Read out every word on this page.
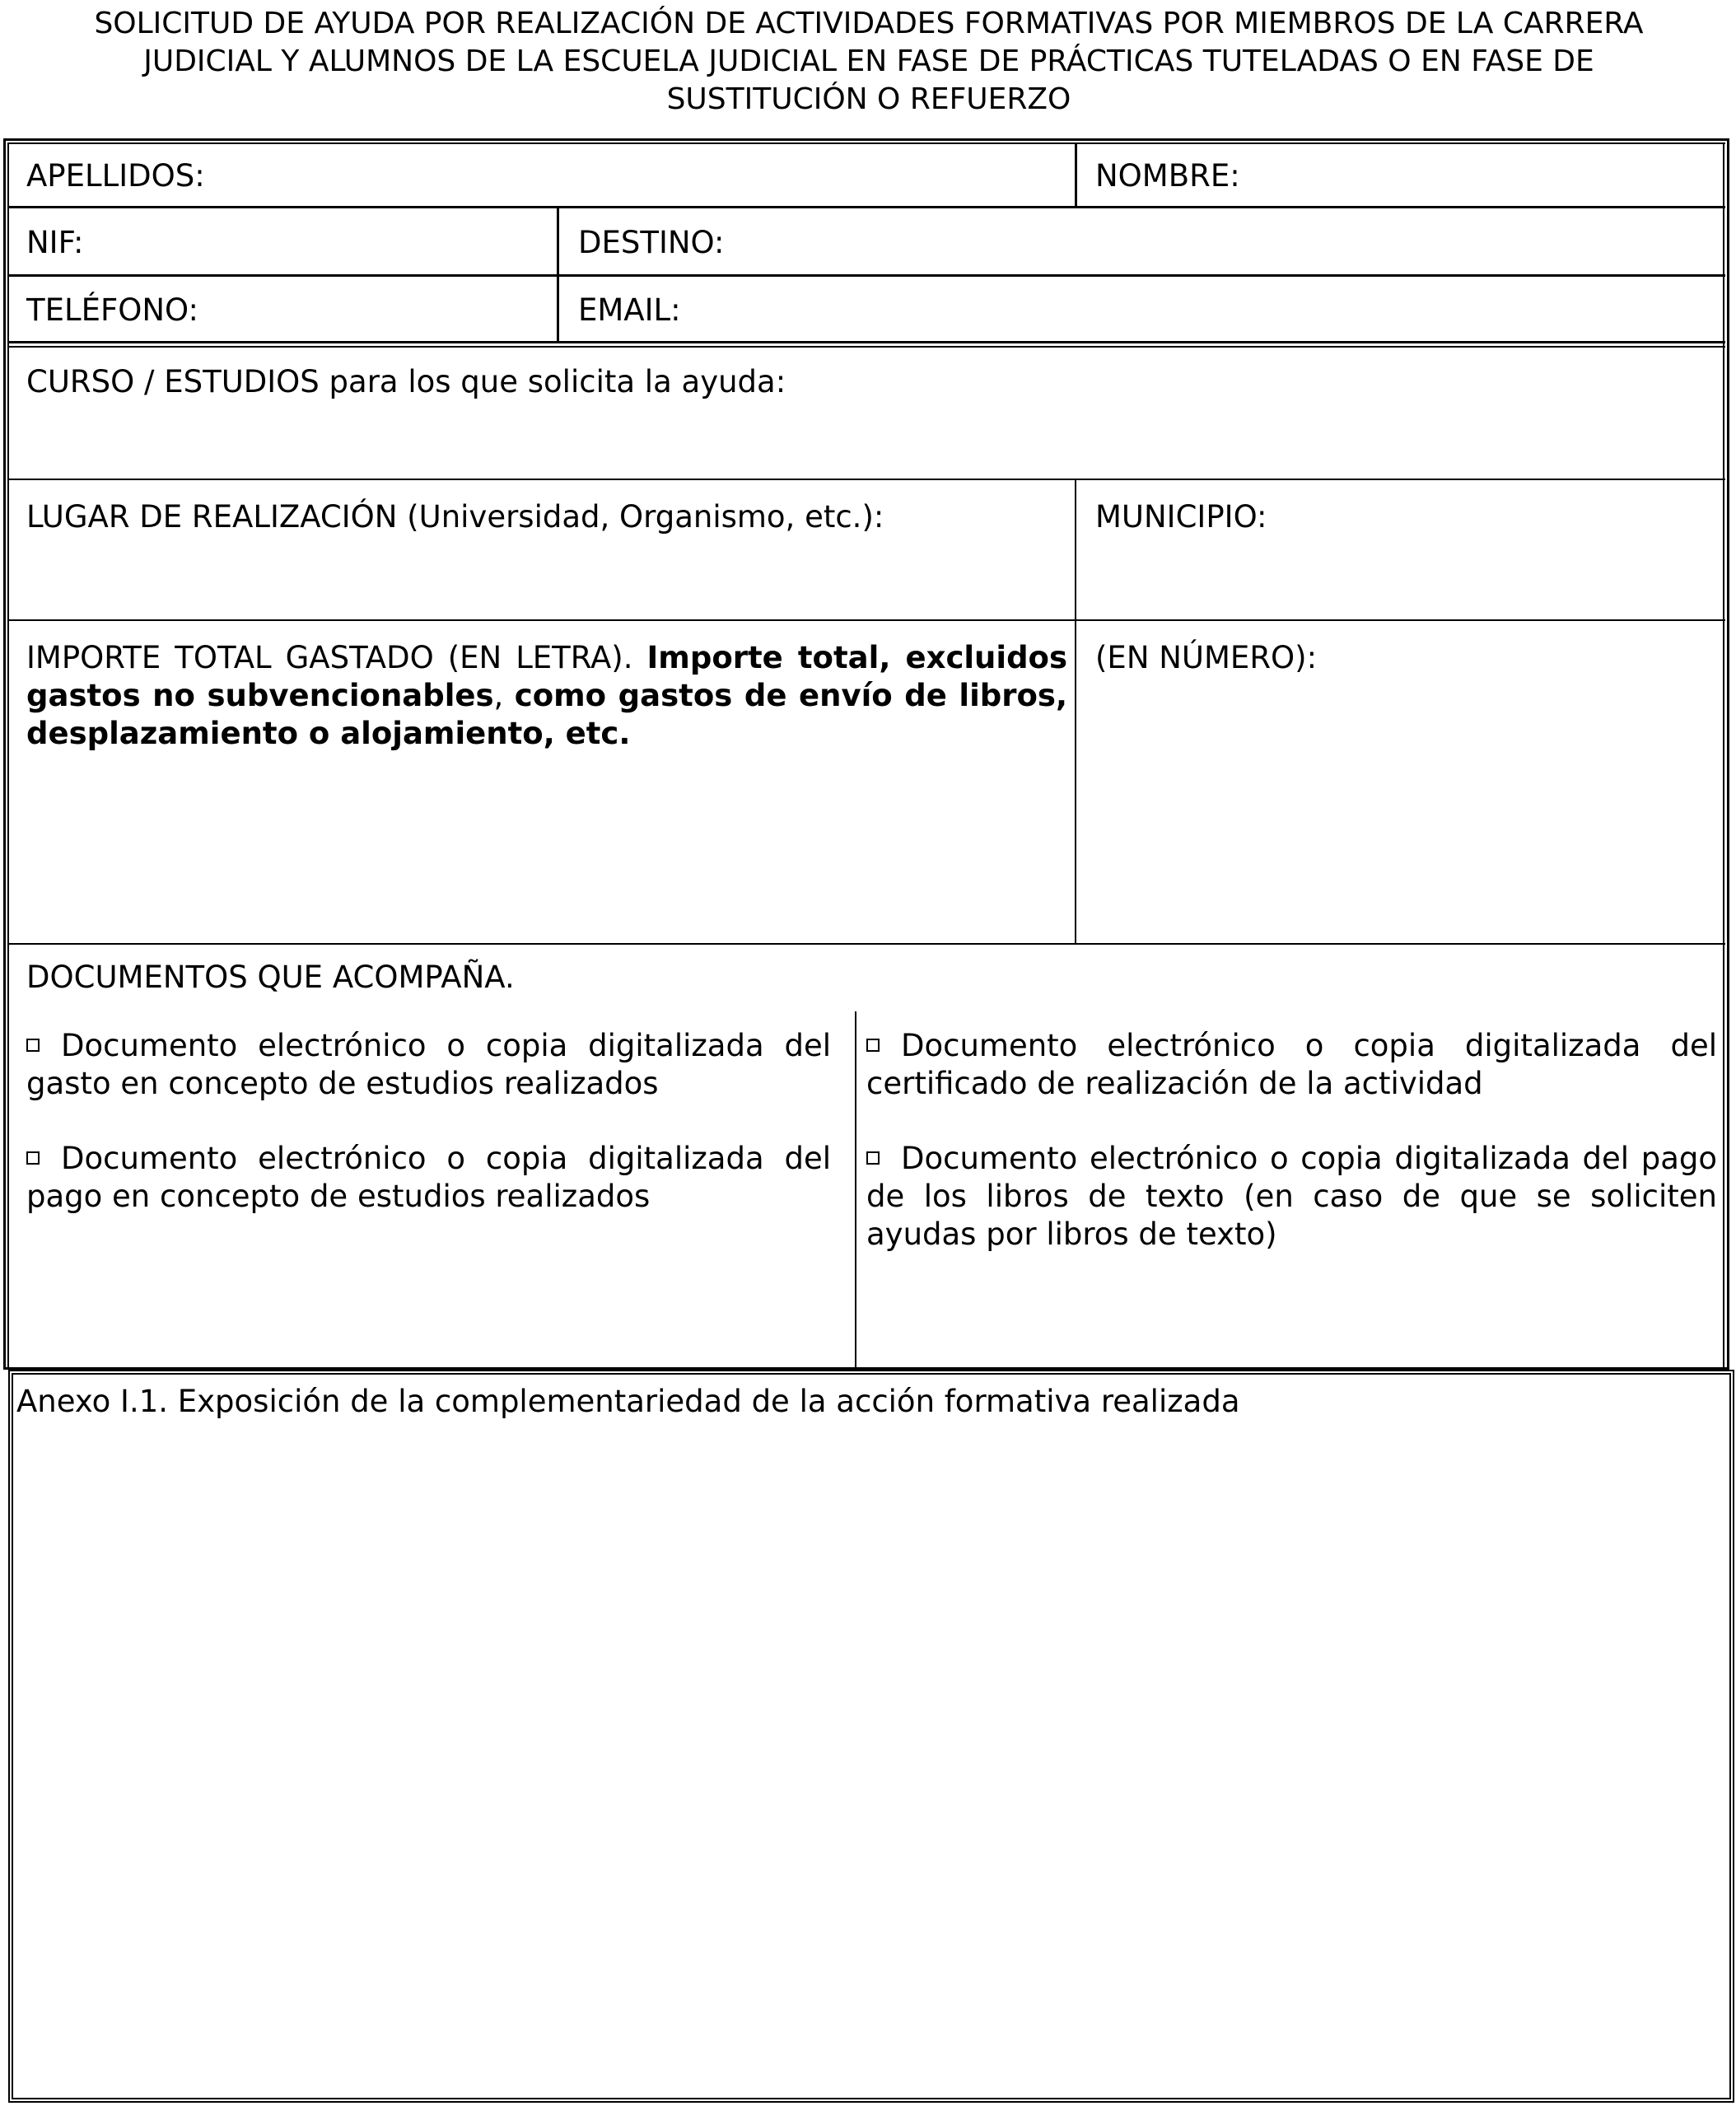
SOLICITUD DE AYUDA POR REALIZACIÓN DE ACTIVIDADES FORMATIVAS POR MIEMBROS DE LA CARRERA
JUDICIAL Y ALUMNOS DE LA ESCUELA JUDICIAL EN FASE DE PRÁCTICAS TUTELADAS O EN FASE DE
SUSTITUCIÓN O REFUERZO
APELLIDOS:	NOMBRE:
NIF:	DESTINO:
TELÉFONO:	EMAIL:
CURSO / ESTUDIOS para los que solicita la ayuda:
LUGAR DE REALIZACIÓN (Universidad, Organismo, etc.):	MUNICIPIO:
IMPORTE TOTAL GASTADO (EN LETRA). Importe total, excluidos gastos no subvencionables, como gastos de envío de libros, desplazamiento o alojamiento, etc.
(EN NÚMERO):
DOCUMENTOS QUE ACOMPAÑA.
Documento electrónico o copia digitalizada del gasto en concepto de estudios realizados
Documento electrónico o copia digitalizada del pago en concepto de estudios realizados
Documento electrónico o copia digitalizada del certificado de realización de la actividad
Documento electrónico o copia digitalizada del pago de los libros de texto (en caso de que se soliciten ayudas por libros de texto)
Anexo I.1. Exposición de la complementariedad de la acción formativa realizada
